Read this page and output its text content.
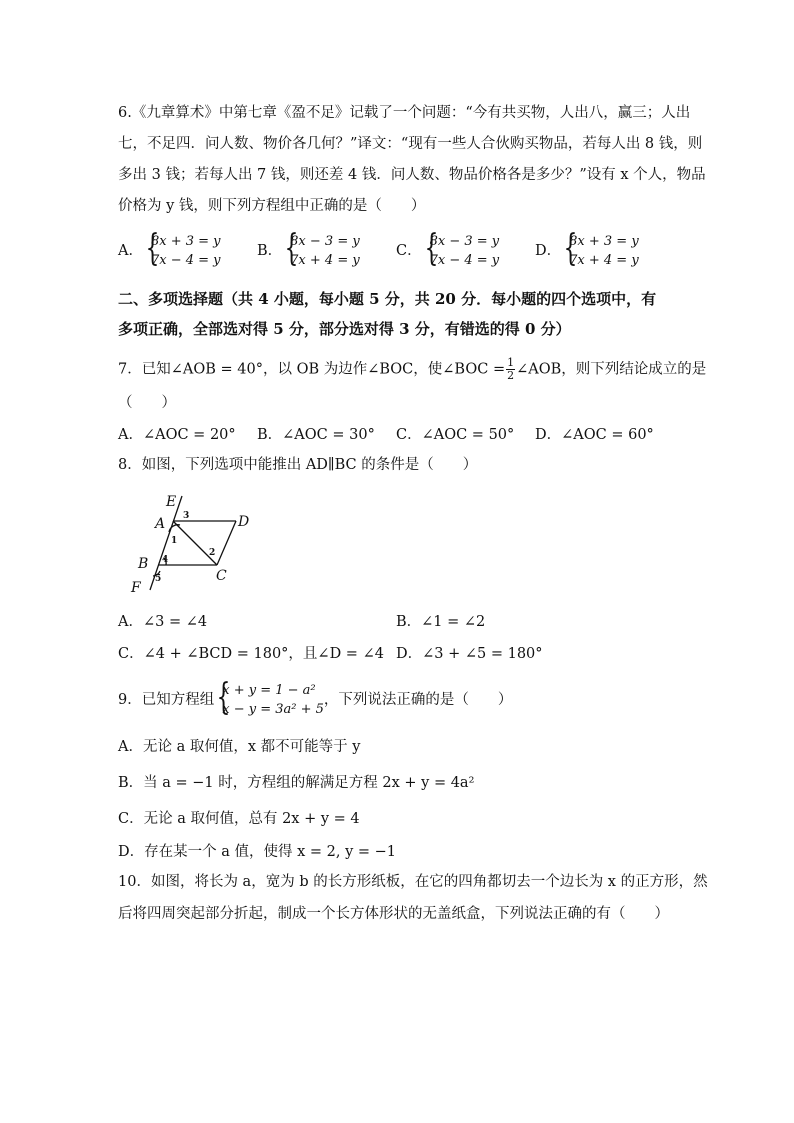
6.《九章算术》中第七章《盈不足》记载了一个问题：“今有共买物，人出八，赢三；人出
七，不足四．问人数、物价各几何？”译文：“现有一些人合伙购买物品，若每人出 8 钱，则
多出 3 钱；若每人出 7 钱，则还差 4 钱．问人数、物品价格各是多少？”设有 x 个人，物品
价格为 y 钱，则下列方程组中正确的是（　　）
A．
{ 8x + 3 = y
7x − 4 = y
B．
{ 8x − 3 = y
7x + 4 = y
C．
{ 8x − 3 = y
7x − 4 = y
D．
{ 8x + 3 = y
7x + 4 = y
二、多项选择题（共 4 小题，每小题 5 分，共 20 分．每小题的四个选项中，有
多项正确，全部选对得 5 分，部分选对得 3 分，有错选的得 0 分）
7．已知∠AOB = 40°，以 OB 为边作∠BOC，使∠BOC = $\frac{1}{2}$ ∠AOB，则下列结论成立的是
（　　）
A．∠AOC = 20° B．∠AOC = 30° C．∠AOC = 50° D．∠AOC = 60°
8．如图，下列选项中能推出 AD∥BC 的条件是（　　）
E
A	D
B
C
F
1
2
3
4
5
A．∠3 = ∠4	B．∠1 = ∠2
C．∠4 + ∠BCD = 180°，且∠D = ∠4 D．∠3 + ∠5 = 180°
9．已知方程组
{ x + y = 1 − a²
x − y = 3a² + 5
，下列说法正确的是（　　）
A．无论 a 取何值，x 都不可能等于 y
B．当 a = −1 时，方程组的解满足方程 2x + y = 4a²
C．无论 a 取何值，总有 2x + y = 4
D．存在某一个 a 值，使得 x = 2, y = −1
10．如图，将长为 a，宽为 b 的长方形纸板，在它的四角都切去一个边长为 x 的正方形，然
后将四周突起部分折起，制成一个长方体形状的无盖纸盒，下列说法正确的有（　　）
